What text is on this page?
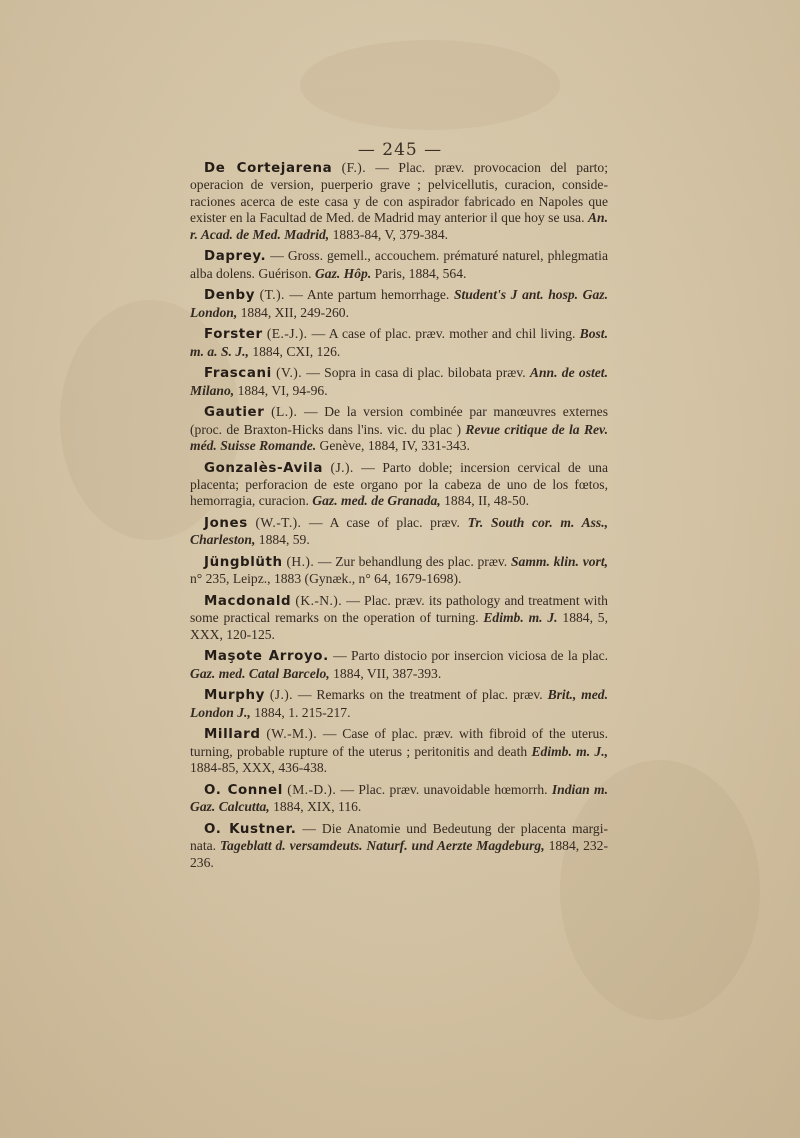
— 245 —

De Cortejarena (F.). — Plac. præv. provocacion del parto; operacion de version, puerperio grave ; pelvicellutis, curacion, conside-raciones acerca de este casa y de con aspirador fabricado en Napoles que exister en la Facultad de Med. de Madrid may anterior il que hoy se usa. An. r. Acad. de Med. Madrid, 1883-84, V, 379-384.

Daprey. — Gross. gemell., accouchem. prématuré naturel, phlegmatia alba dolens. Guérison. Gaz. Hôp. Paris, 1884, 564.

Denby (T.). — Ante partum hemorrhage. Student's J ant. hosp. Gaz. London, 1884, XII, 249-260.

Forster (E.-J.). — A case of plac. præv. mother and chil living. Bost. m. a. S. J., 1884, CXI, 126.

Frascani (V.). — Sopra in casa di plac. bilobata præv. Ann. de ostet. Milano, 1884, VI, 94-96.

Gautier (L.). — De la version combinée par manœuvres externes (proc. de Braxton-Hicks dans l'ins. vic. du plac ) Revue critique de la Rev. méd. Suisse Romande. Genève, 1884, IV, 331-343.

Gonzalès-Avila (J.). — Parto doble; incersion cervical de una placenta; perforacion de este organo por la cabeza de uno de los fœtos, hemorragia, curacion. Gaz. med. de Granada, 1884, II, 48-50.

Jones (W.-T.). — A case of plac. præv. Tr. South cor. m. Ass., Charleston, 1884, 59.

Jüngblüth (H.). — Zur behandlung des plac. præv. Samm. klin. vort, n° 235, Leipz., 1883 (Gynæk., n° 64, 1679-1698).

Macdonald (K.-N.). — Plac. præv. its pathology and treatment with some practical remarks on the operation of turning. Edimb. m. J. 1884, 5, XXX, 120-125.

Maşote Arroyo. — Parto distocio por insercion viciosa de la plac. Gaz. med. Catal Barcelo, 1884, VII, 387-393.

Murphy (J.). — Remarks on the treatment of plac. præv. Brit., med. London J., 1884, 1. 215-217.

Millard (W.-M.). — Case of plac. præv. with fibroid of the uterus. turning, probable rupture of the uterus ; peritonitis and death Edimb. m. J., 1884-85, XXX, 436-438.

O. Connel (M.-D.). — Plac. præv. unavoidable hœmorrh. Indian m. Gaz. Calcutta, 1884, XIX, 116.

O. Kustner. — Die Anatomie und Bedeutung der placenta margi-nata. Tageblatt d. versamdeuts. Naturf. und Aerzte Magdeburg, 1884, 232-236.
